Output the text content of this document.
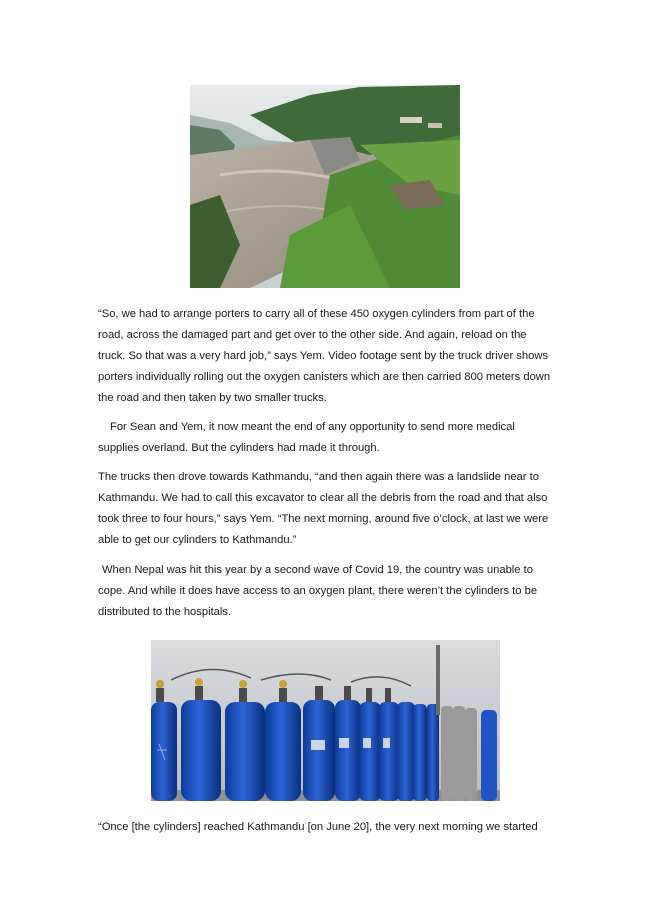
“So, we had to arrange porters to carry all of these 450 oxygen cylinders from part of the road, across the damaged part and get over to the other side. And again, reload on the truck. So that was a very hard job,” says Yem. Video footage sent by the truck driver shows porters individually rolling out the oxygen canisters which are then carried 800 meters down the road and then taken by two smaller trucks.

For Sean and Yem, it now meant the end of any opportunity to send more medical supplies overland. But the cylinders had made it through.

The trucks then drove towards Kathmandu, “and then again there was a landslide near to Kathmandu. We had to call this excavator to clear all the debris from the road and that also took three to four hours,” says Yem. “The next morning, around five o’clock, at last we were able to get our cylinders to Kathmandu.”

When Nepal was hit this year by a second wave of Covid 19, the country was unable to cope. And while it does have access to an oxygen plant, there weren’t the cylinders to be distributed to the hospitals.

“Once [the cylinders] reached Kathmandu [on June 20], the very next morning we started
